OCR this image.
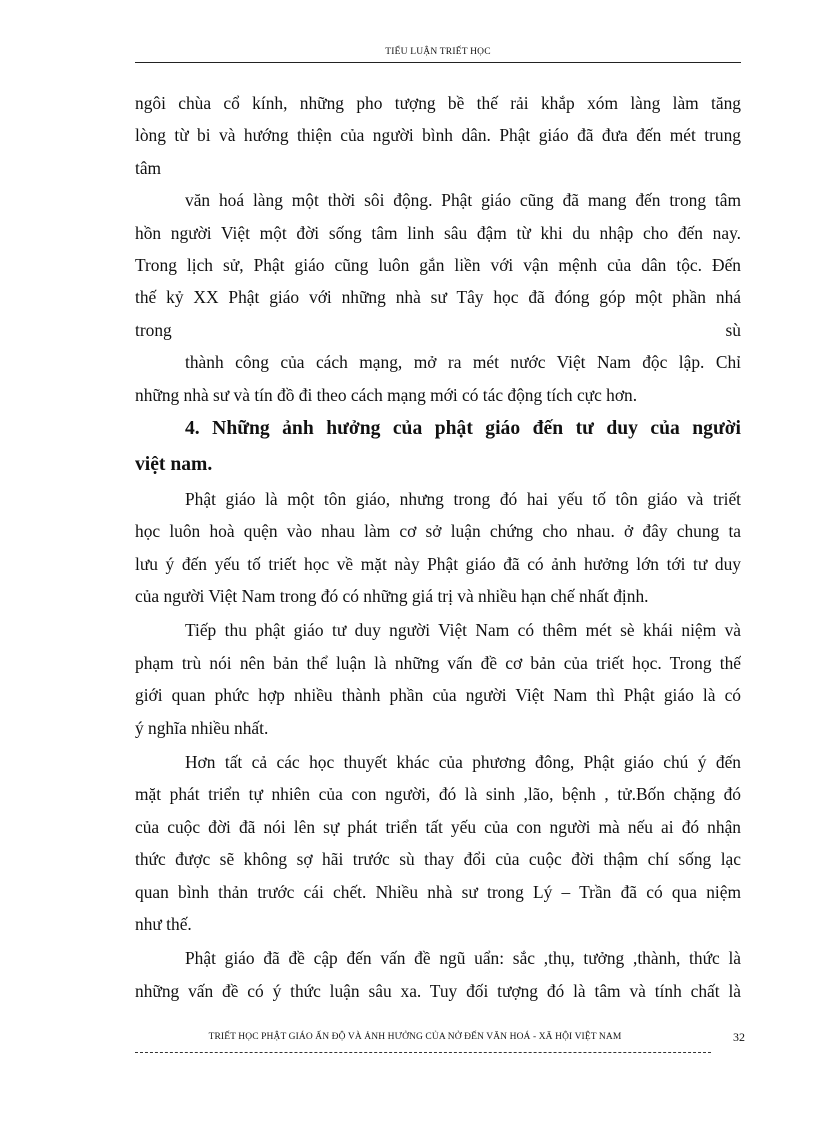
TIỂU LUẬN TRIẾT HỌC
ngôi chùa cổ kính, những pho tượng bề thế rải khắp xóm làng làm tăng
lòng từ bi và hướng thiện của người bình dân. Phật giáo đã đưa đến mét trung
tâm
văn hoá làng một thời sôi động. Phật giáo cũng đã mang đến trong tâm
hồn người Việt một đời sống tâm linh sâu đậm từ khi du nhập cho đến nay.
Trong lịch sử, Phật giáo cũng luôn gắn liền với vận mệnh của dân tộc. Đến
thế kỷ XX Phật giáo với những nhà sư Tây học đã đóng góp một phần nhá
trong	sù
thành công của cách mạng, mở ra mét nước Việt Nam độc lập. Chỉ
những nhà sư và tín đồ đi theo cách mạng mới có tác động tích cực hơn.
4. Những ảnh hưởng của phật giáo đến tư duy của người
việt nam.
Phật giáo là một tôn giáo, nhưng trong đó hai yếu tố tôn giáo và triết
học luôn hoà quện vào nhau làm cơ sở luận chứng cho nhau. ở đây chung ta
lưu ý đến yếu tố triết học về mặt này Phật giáo đã có ảnh hưởng lớn tới tư duy
của người Việt Nam trong đó có những giá trị và nhiều hạn chế nhất định.
Tiếp thu phật giáo tư duy người Việt Nam có thêm mét sè khái niệm và
phạm trù nói nên bản thể luận là những vấn đề cơ bản của triết học. Trong thế
giới quan phức hợp nhiều thành phần của người Việt Nam thì Phật giáo là có
ý nghĩa nhiều nhất.
Hơn tất cả các học thuyết khác của phương đông, Phật giáo chú ý đến
mặt phát triển tự nhiên của con người, đó là sinh ,lão, bệnh , tử.Bốn chặng đó
của cuộc đời đã nói lên sự phát triển tất yếu của con người mà nếu ai đó nhận
thức được sẽ không sợ hãi trước sù thay đổi của cuộc đời thậm chí sống lạc
quan bình thản trước cái chết. Nhiều nhà sư trong Lý – Trần đã có qua niệm
như thế.
Phật giáo đã đề cập đến vấn đề ngũ uẩn: sắc ,thụ, tưởng ,thành, thức là
những vấn đề có ý thức luận sâu xa. Tuy đối tượng đó là tâm và tính chất là
TRIẾT HỌC PHẬT GIÁO ẤN ĐỘ VÀ ẢNH HƯỞNG CỦA NỞ ĐẾN VĂN HOÁ - XÃ HỘI VIỆT NAM	32
